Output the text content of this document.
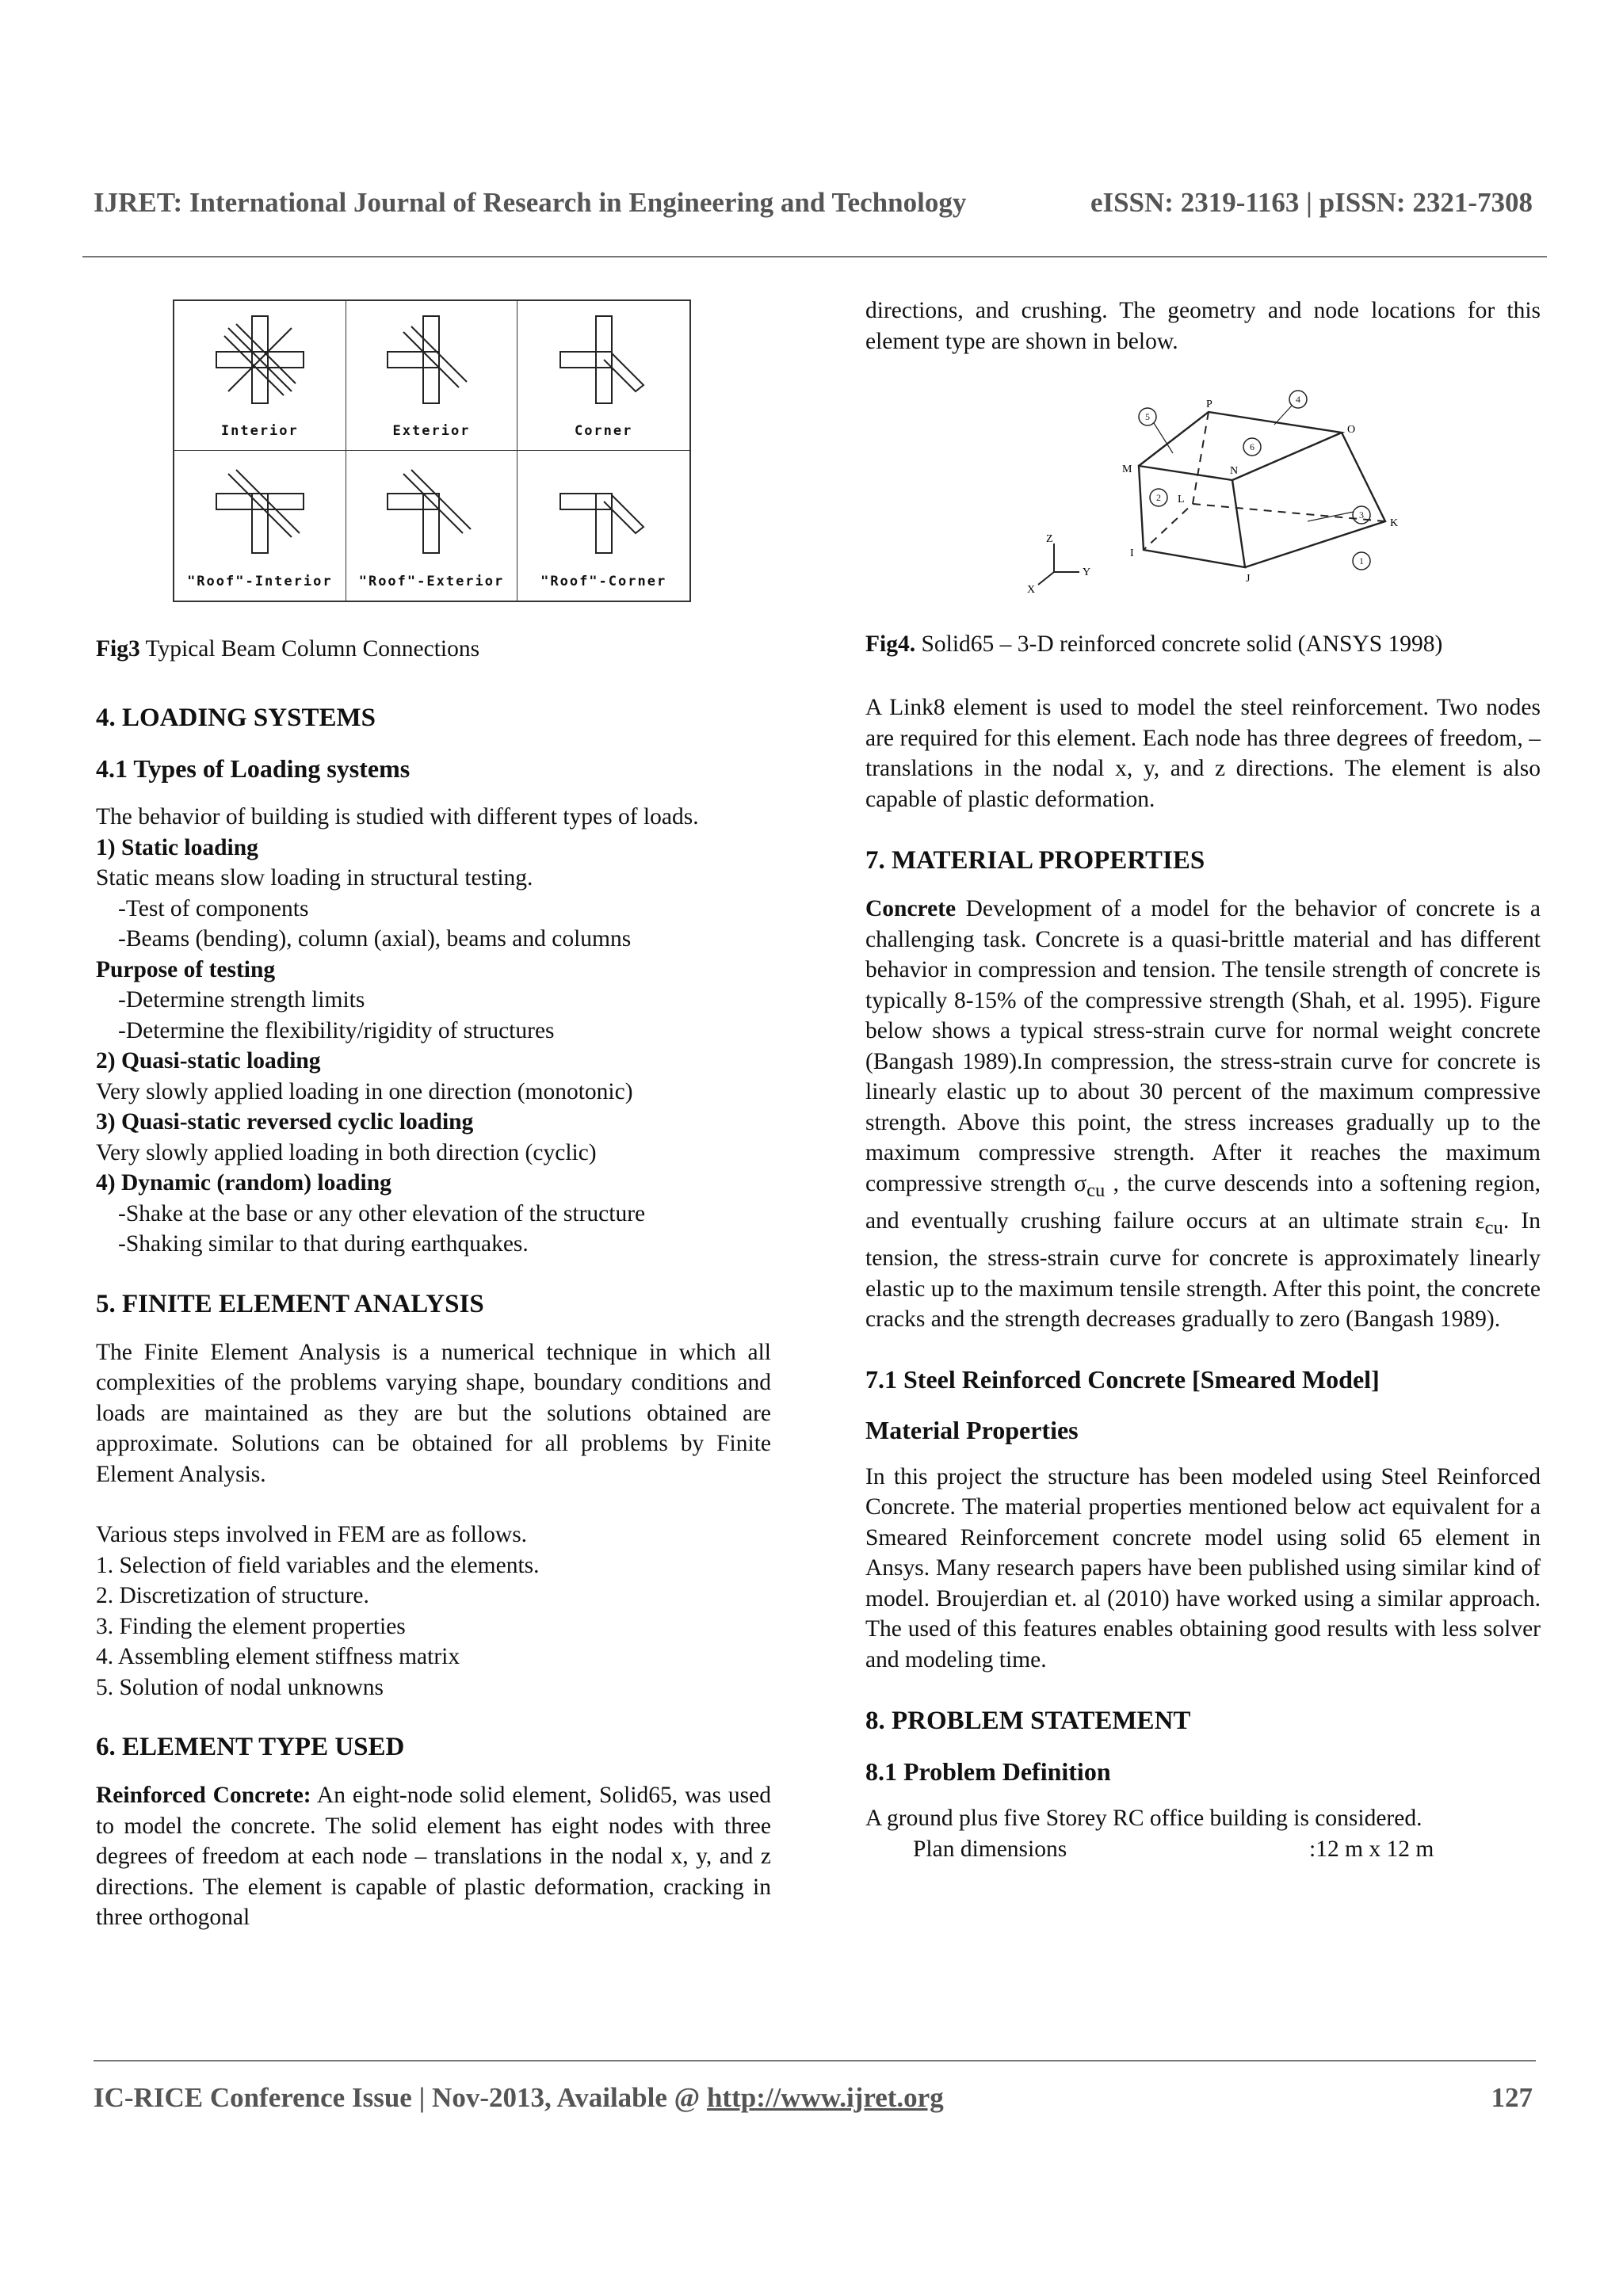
IJRET: International Journal of Research in Engineering and Technology	eISSN: 2319-1163 | pISSN: 2321-7308
Interior	Exterior	Corner
"Roof"-Interior	"Roof"-Exterior	"Roof"-Corner
Z
Y
X
M	N
O
P
I
J
K
L
1
2
3
4
5
6

Fig3 Typical Beam Column Connections

4. LOADING SYSTEMS

4.1 Types of Loading systems

The behavior of building is studied with different types of loads.

1) Static loading

Static means slow loading in structural testing.

-Test of components

-Beams (bending), column (axial), beams and columns

Purpose of testing

-Determine strength limits

-Determine the flexibility/rigidity of structures

2) Quasi-static loading

Very slowly applied loading in one direction (monotonic)

3) Quasi-static reversed cyclic loading

Very slowly applied loading in both direction (cyclic)

4) Dynamic (random) loading

-Shake at the base or any other elevation of the structure

-Shaking similar to that during earthquakes.

5. FINITE ELEMENT ANALYSIS

The Finite Element Analysis is a numerical technique in which all complexities of the problems varying shape, boundary conditions and loads are maintained as they are but the solutions obtained are approximate. Solutions can be obtained for all problems by Finite Element Analysis.

Various steps involved in FEM are as follows.

1. Selection of field variables and the elements.

2. Discretization of structure.

3. Finding the element properties

4. Assembling element stiffness matrix

5. Solution of nodal unknowns

6. ELEMENT TYPE USED

Reinforced Concrete: An eight-node solid element, Solid65, was used to model the concrete. The solid element has eight nodes with three degrees of freedom at each node – translations in the nodal x, y, and z directions. The element is capable of plastic deformation, cracking in three orthogonal

directions, and crushing. The geometry and node locations for this element type are shown in below.

Fig4. Solid65 – 3-D reinforced concrete solid (ANSYS 1998)

A Link8 element is used to model the steel reinforcement. Two nodes are required for this element. Each node has three degrees of freedom, – translations in the nodal x, y, and z directions. The element is also capable of plastic deformation.

7. MATERIAL PROPERTIES

Concrete Development of a model for the behavior of concrete is a challenging task. Concrete is a quasi-brittle material and has different behavior in compression and tension. The tensile strength of concrete is typically 8-15% of the compressive strength (Shah, et al. 1995). Figure below shows a typical stress-strain curve for normal weight concrete (Bangash 1989).In compression, the stress-strain curve for concrete is linearly elastic up to about 30 percent of the maximum compressive strength. Above this point, the stress increases gradually up to the maximum compressive strength. After it reaches the maximum compressive strength $\sigma_{cu}$ , the curve descends into a softening region, and eventually crushing failure occurs at an ultimate strain $\varepsilon_{cu}$. In tension, the stress-strain curve for concrete is approximately linearly elastic up to the maximum tensile strength. After this point, the concrete cracks and the strength decreases gradually to zero (Bangash 1989).

7.1 Steel Reinforced Concrete [Smeared Model]

Material Properties

In this project the structure has been modeled using Steel Reinforced Concrete. The material properties mentioned below act equivalent for a Smeared Reinforcement concrete model using solid 65 element in Ansys. Many research papers have been published using similar kind of model. Broujerdian et. al (2010) have worked using a similar approach. The used of this features enables obtaining good results with less solver and modeling time.

8. PROBLEM STATEMENT

8.1 Problem Definition

A ground plus five Storey RC office building is considered.

Plan dimensions	:12 m x 12 m

IC-RICE Conference Issue | Nov-2013, Available @ http://www.ijret.org	127
